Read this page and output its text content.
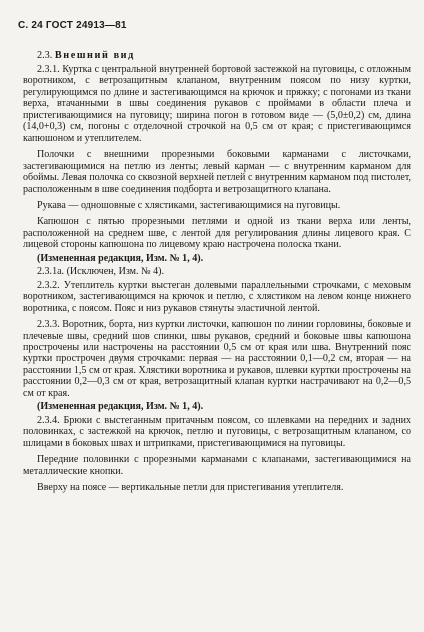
С. 24 ГОСТ 24913—81
2.3. Внешний вид

2.3.1. Куртка с центральной внутренней бортовой застежкой на пуговицы, с отложным воротником, с ветрозащитным клапаном, внутренним поясом по низу куртки, регулирующимся по длине и застегивающимся на крючок и пряжку; с погонами из ткани верха, втачанными в швы соединения рукавов с проймами в области плеча и пристегивающимися на пуговицу; ширина погон в готовом виде — (5,0±0,2) см, длина (14,0+0,3) см, погоны с отделочной строчкой на 0,5 см от края; с пристегивающимся капюшоном и утеплителем.

Полочки с внешними прорезными боковыми карманами с листочками, застегивающимися на петлю из ленты; левый карман — с внутренним карманом для обоймы. Левая полочка со сквозной верхней петлей с внутренним карманом под пистолет, расположенным в шве соединения подборта и ветрозащитного клапана.

Рукава — одношовные с хлястиками, застегивающимися на пуговицы.

Капюшон с пятью прорезными петлями и одной из ткани верха или ленты, расположенной на среднем шве, с лентой для регулирования длины лицевого края. С лицевой стороны капюшона по лицевому краю настрочена полоска ткани.

(Измененная редакция, Изм. № 1, 4).

2.3.1а. (Исключен, Изм. № 4).

2.3.2. Утеплитель куртки выстеган долевыми параллельными строчками, с меховым воротником, застегивающимся на крючок и петлю, с хлястиком на левом конце нижнего воротника, с поясом. Пояс и низ рукавов стянуты эластичной лентой.

2.3.3. Воротник, борта, низ куртки листочки, капюшон по линии горловины, боковые и плечевые швы, средний шов спинки, швы рукавов, средний и боковые швы капюшона прострочены или настрочены на расстоянии 0,5 см от края или шва. Внутренний пояс куртки прострочен двумя строчками: первая — на расстоянии 0,1—0,2 см, вторая — на расстоянии 1,5 см от края. Хлястики воротника и рукавов, шлевки куртки прострочены на расстоянии 0,2—0,3 см от края, ветрозащитный клапан куртки настрачивают на 0,2—0,5 см от края.

(Измененная редакция, Изм. № 1, 4).

2.3.4. Брюки с выстеганным притачным поясом, со шлевками на передних и задних половинках, с застежкой на крючок, петлю и пуговицы, с ветрозащитным клапаном, со шлицами в боковых швах и штрипками, пристегивающимися на пуговицы.

Передние половинки с прорезными карманами с клапанами, застегивающимися на металлические кнопки.

Вверху на поясе — вертикальные петли для пристегивания утеплителя.
